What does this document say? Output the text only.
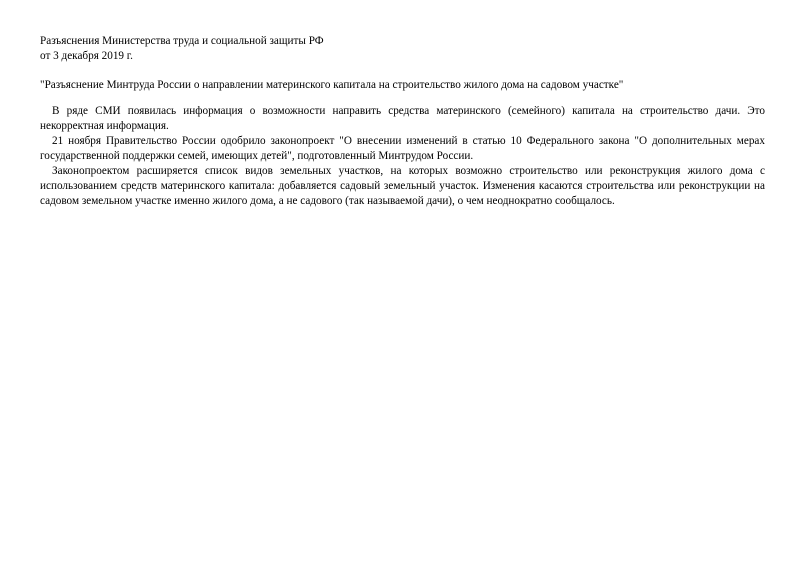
Разъяснения Министерства труда и социальной защиты РФ

от 3 декабря 2019 г.

"Разъяснение Минтруда России о направлении материнского капитала на строительство жилого дома на садовом участке"

В ряде СМИ появилась информация о возможности направить средства материнского (семейного) капитала на строительство дачи. Это некорректная информация.

21 ноября Правительство России одобрило законопроект "О внесении изменений в статью 10 Федерального закона "О дополнительных мерах государственной поддержки семей, имеющих детей", подготовленный Минтрудом России.

Законопроектом расширяется список видов земельных участков, на которых возможно строительство или реконструкция жилого дома с использованием средств материнского капитала: добавляется садовый земельный участок. Изменения касаются строительства или реконструкции на садовом земельном участке именно жилого дома, а не садового (так называемой дачи), о чем неоднократно сообщалось.
